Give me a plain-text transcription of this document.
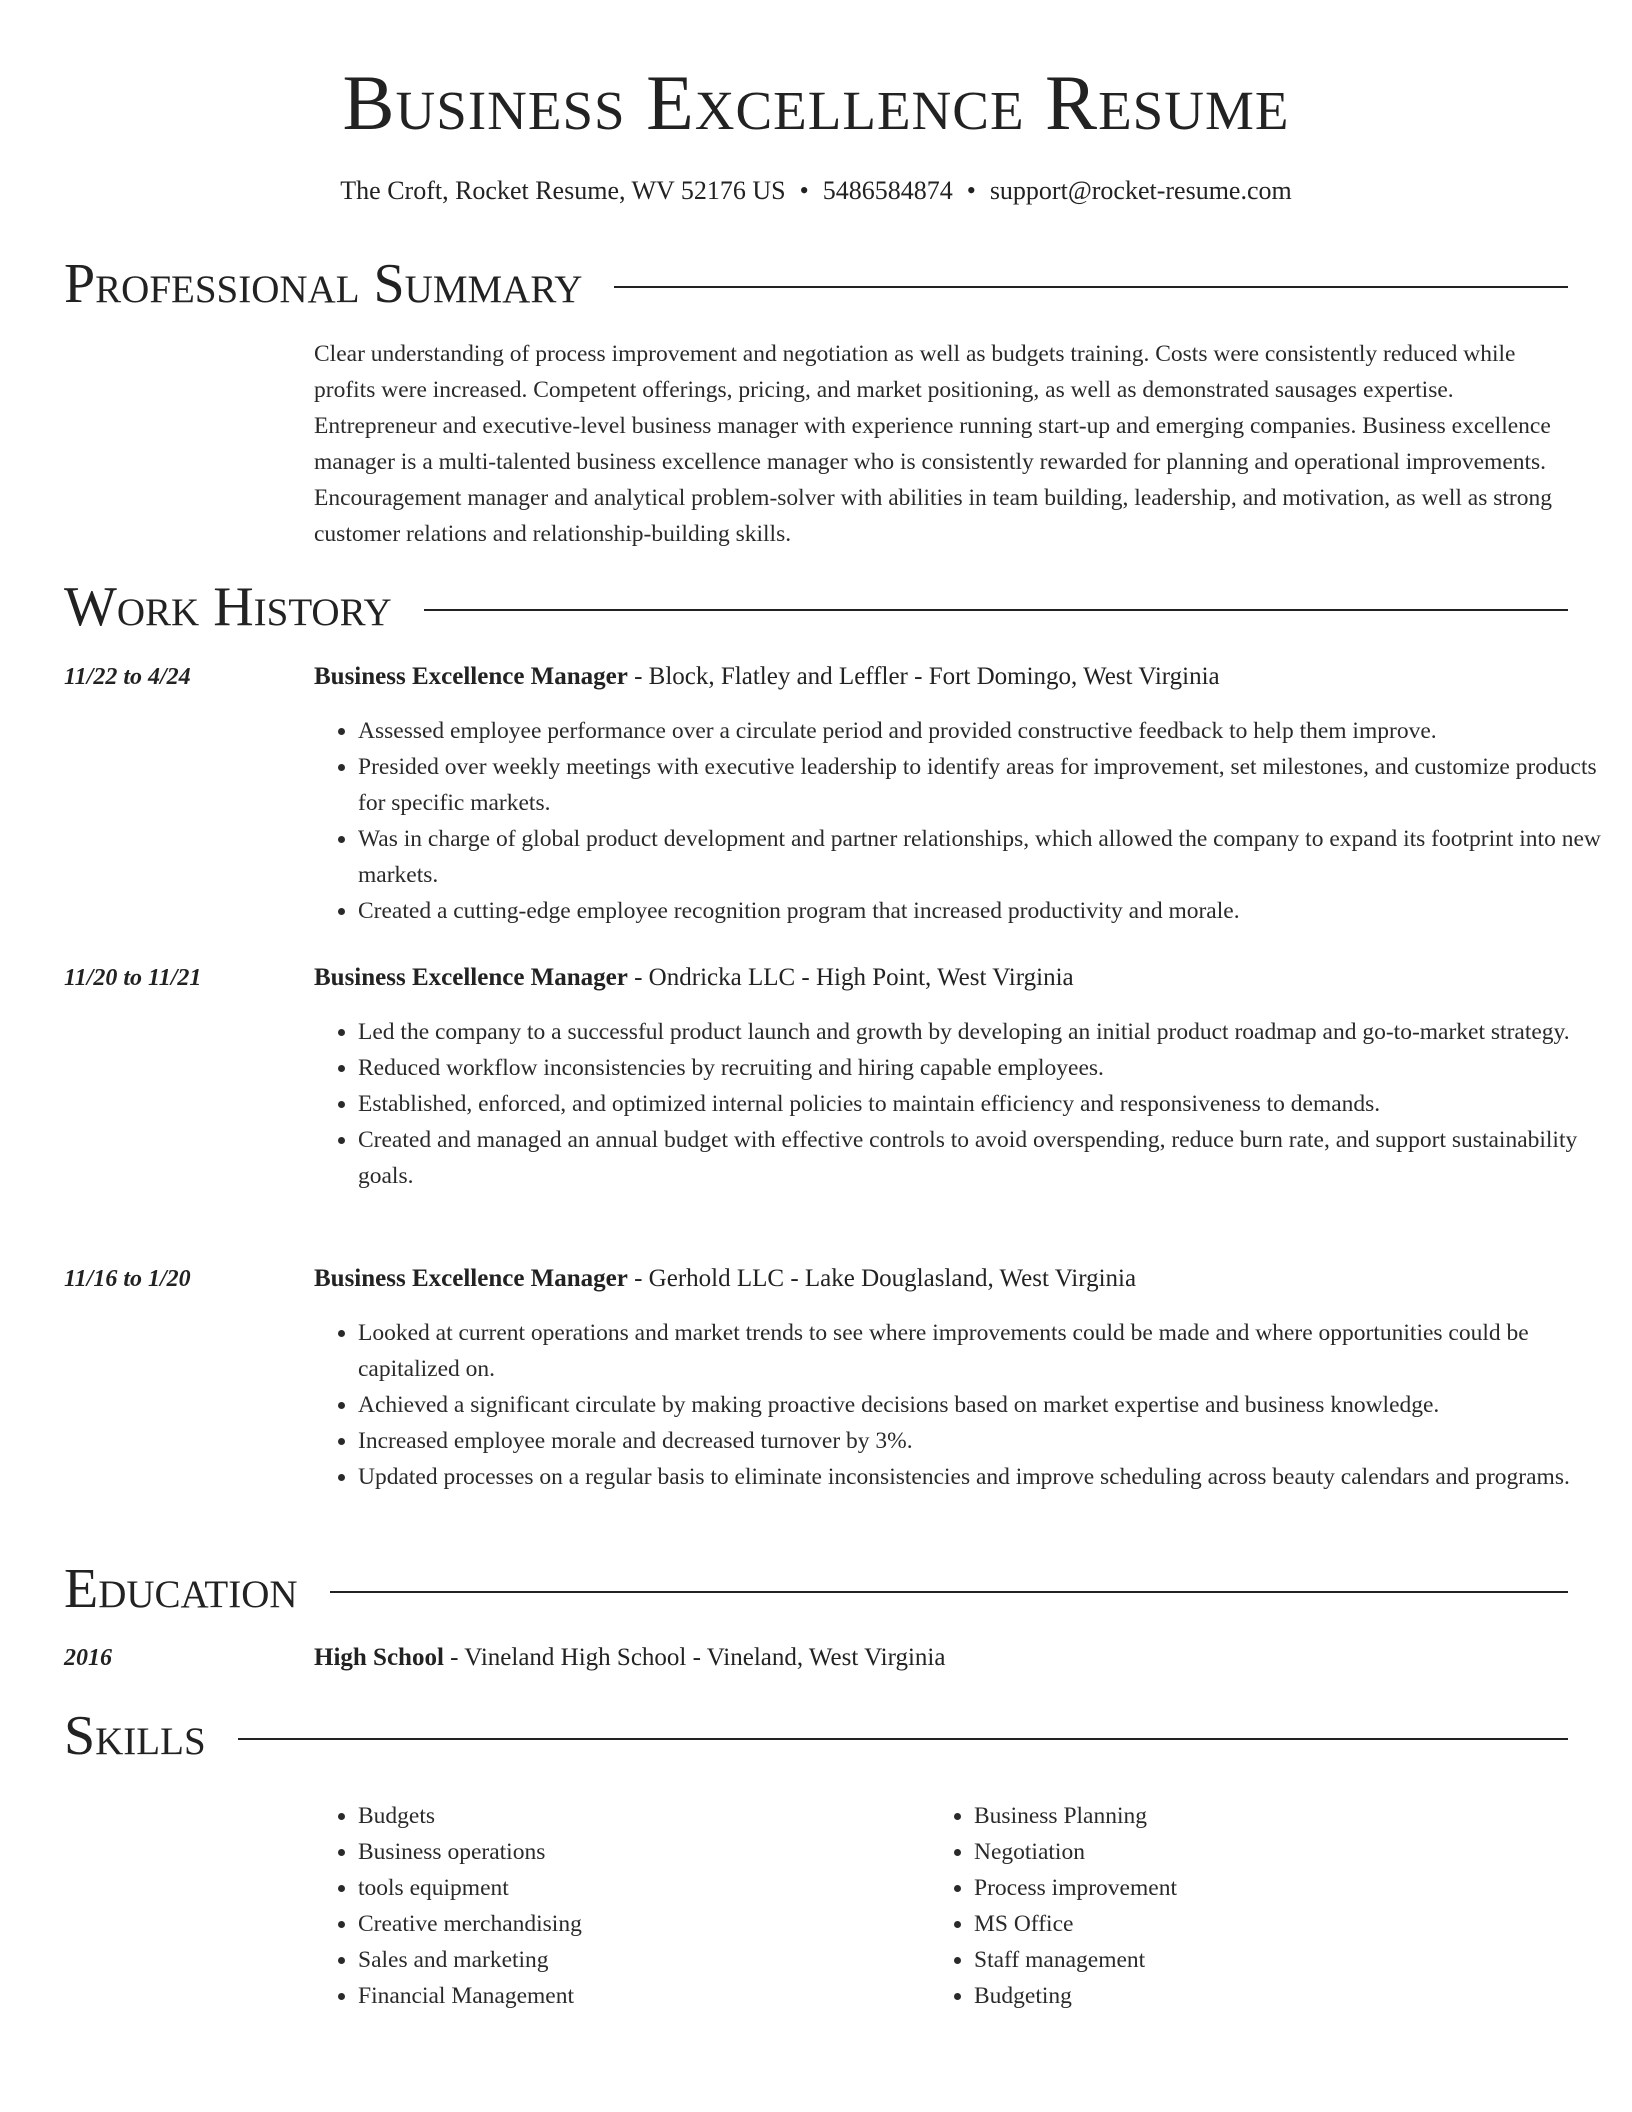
Business Excellence Resume
The Croft, Rocket Resume, WV 52176 US • 5486584874 • support@rocket-resume.com
Professional Summary

Clear understanding of process improvement and negotiation as well as budgets training. Costs were consistently reduced while profits were increased. Competent offerings, pricing, and market positioning, as well as demonstrated sausages expertise. Entrepreneur and executive-level business manager with experience running start-up and emerging companies. Business excellence manager is a multi-talented business excellence manager who is consistently rewarded for planning and operational improvements. Encouragement manager and analytical problem-solver with abilities in team building, leadership, and motivation, as well as strong customer relations and relationship-building skills.

Work History
11/22 to 4/24	Business Excellence Manager - Block, Flatley and Leffler - Fort Domingo, West Virginia
• Assessed employee performance over a circulate period and provided constructive feedback to help them improve.
• Presided over weekly meetings with executive leadership to identify areas for improvement, set milestones, and customize products for specific markets.
• Was in charge of global product development and partner relationships, which allowed the company to expand its footprint into new markets.
• Created a cutting-edge employee recognition program that increased productivity and morale.
11/20 to 11/21	Business Excellence Manager - Ondricka LLC - High Point, West Virginia
• Led the company to a successful product launch and growth by developing an initial product roadmap and go-to-market strategy.
• Reduced workflow inconsistencies by recruiting and hiring capable employees.
• Established, enforced, and optimized internal policies to maintain efficiency and responsiveness to demands.
• Created and managed an annual budget with effective controls to avoid overspending, reduce burn rate, and support sustainability goals.
11/16 to 1/20	Business Excellence Manager - Gerhold LLC - Lake Douglasland, West Virginia
• Looked at current operations and market trends to see where improvements could be made and where opportunities could be capitalized on.
• Achieved a significant circulate by making proactive decisions based on market expertise and business knowledge.
• Increased employee morale and decreased turnover by 3%.
• Updated processes on a regular basis to eliminate inconsistencies and improve scheduling across beauty calendars and programs.
Education
2016	High School - Vineland High School - Vineland, West Virginia
Skills
• Budgets
• Business operations
• tools equipment
• Creative merchandising
• Sales and marketing
• Financial Management
• Business Planning
• Negotiation
• Process improvement
• MS Office
• Staff management
• Budgeting
